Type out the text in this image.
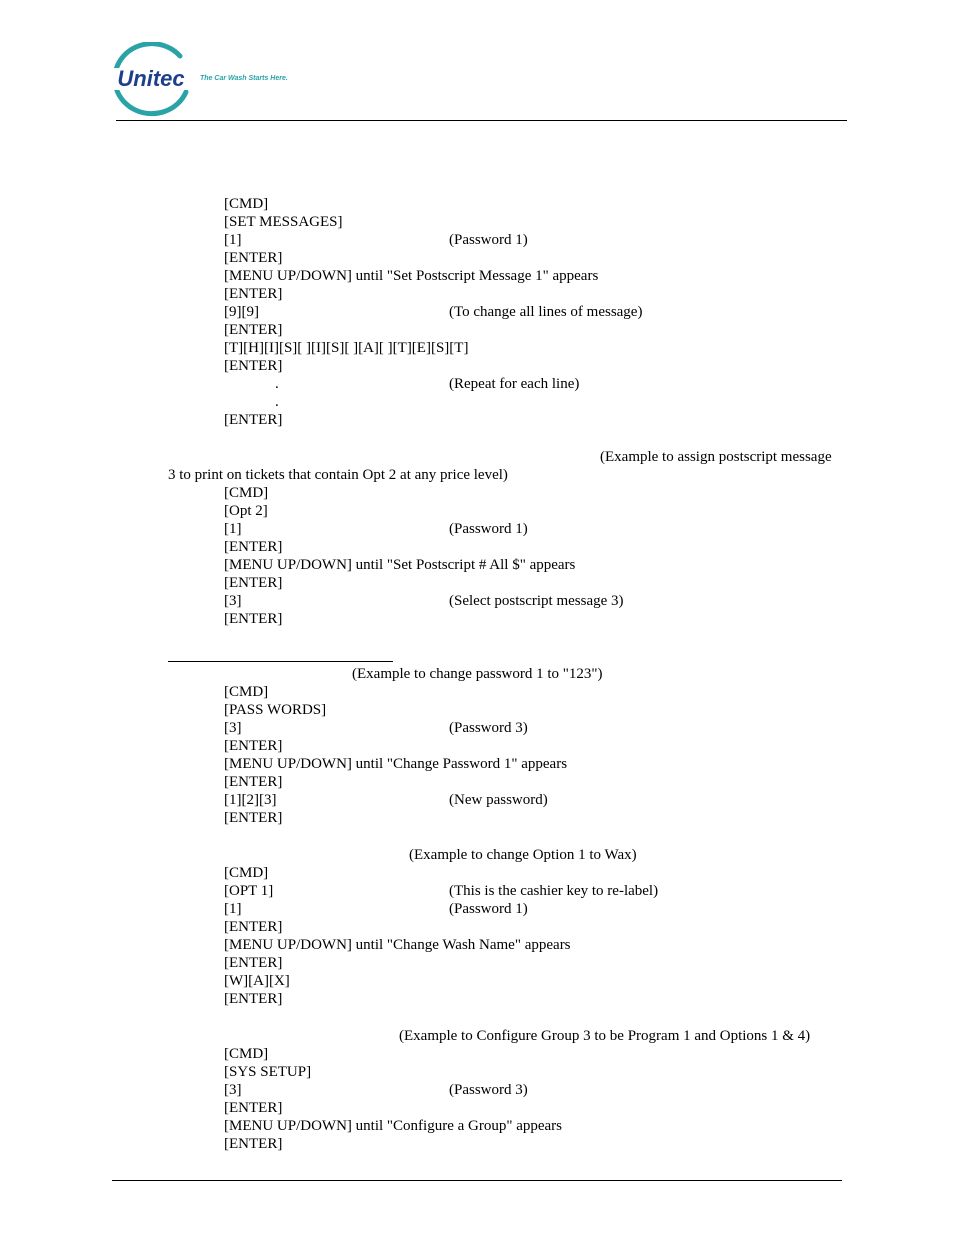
Unitec The Car Wash Starts Here.
[CMD]
[SET MESSAGES]
[1]	(Password 1)
[ENTER]
[MENU UP/DOWN] until "Set Postscript Message 1" appears
[ENTER]
[9][9]	(To change all lines of message)
[ENTER]
[T][H][I][S][ ][I][S][ ][A][ ][T][E][S][T]
[ENTER]
.	(Repeat for each line)
.
[ENTER]
(Example to assign postscript message
3 to print on tickets that contain Opt 2 at any price level)
[CMD]
[Opt 2]
[1]	(Password 1)
[ENTER]
[MENU UP/DOWN] until "Set Postscript # All $" appears
[ENTER]
[3]	(Select postscript message 3)
[ENTER]
(Example to change password 1 to "123")
[CMD]
[PASS WORDS]
[3]	(Password 3)
[ENTER]
[MENU UP/DOWN] until "Change Password 1" appears
[ENTER]
[1][2][3]	(New password)
[ENTER]
(Example to change Option 1 to Wax)
[CMD]
[OPT 1]	(This is the cashier key to re-label)
[1]	(Password 1)
[ENTER]
[MENU UP/DOWN] until "Change Wash Name" appears
[ENTER]
[W][A][X]
[ENTER]
(Example to Configure Group 3 to be Program 1 and Options 1 & 4)
[CMD]
[SYS SETUP]
[3]	(Password 3)
[ENTER]
[MENU UP/DOWN] until "Configure a Group" appears
[ENTER]
